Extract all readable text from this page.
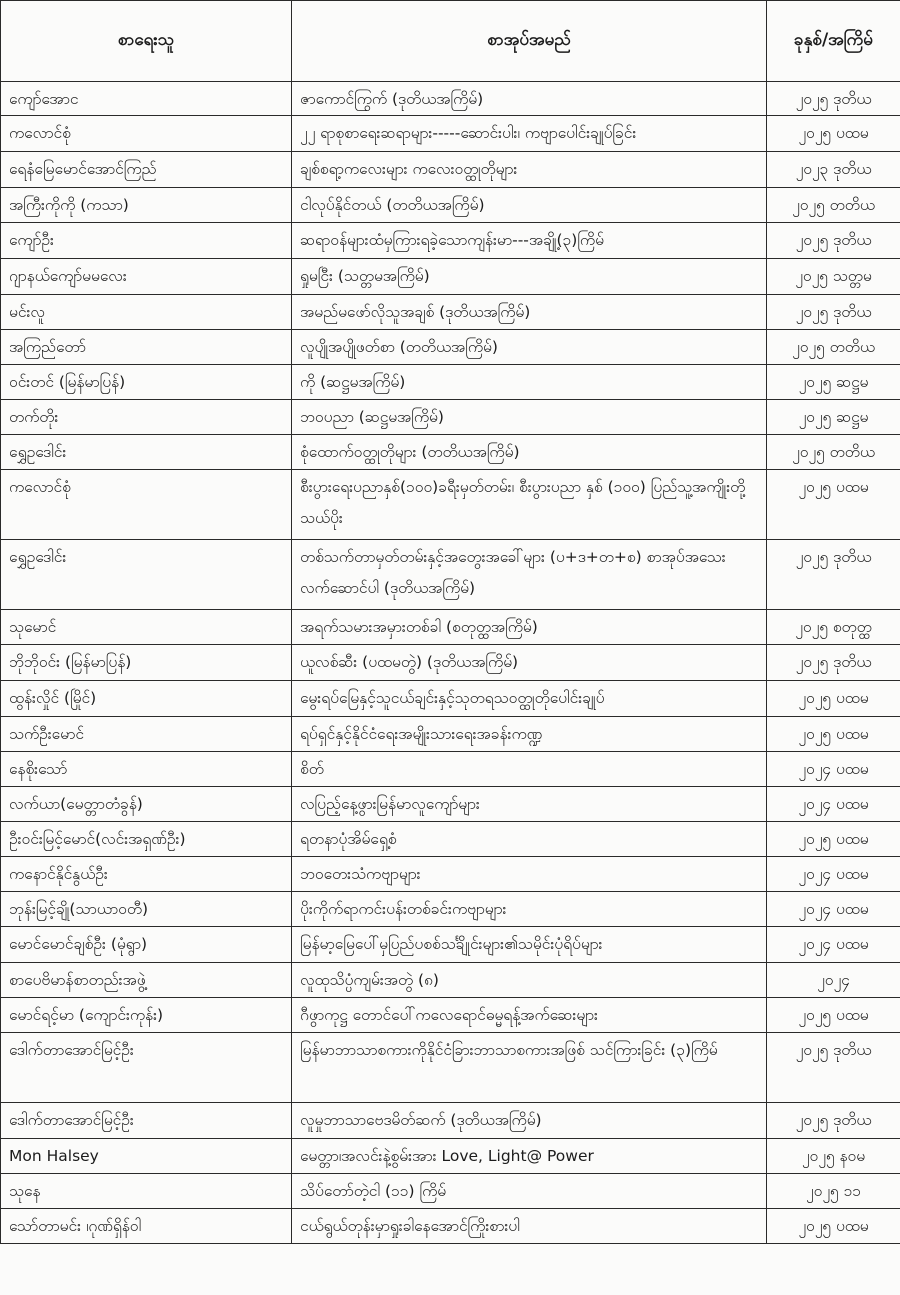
စာရေးသူ	စာအုပ်အမည်	ခုနှစ်/အကြိမ်
ကျော်အောင	ဇာကောင်ကြွက် (ဒုတိယအကြိမ်)	၂၀၂၅ ဒုတိယ
ကလောင်စုံ	၂၂ ရာစုစာရေးဆရာများ-----ဆောင်းပါး၊ ကဗျာပေါင်းချုပ်ခြင်း	၂၀၂၅ ပထမ
ရေနံမြေမောင်အောင်ကြည်	ချစ်စရာ့ကလေးများ ကလေးဝတ္ထုတိုများ	၂၀၂၃ ဒုတိယ
အကြီးကိုကို (ကသာ)	ငါလုပ်နိုင်တယ် (တတိယအကြိမ်)	၂၀၂၅ တတိယ
ကျော်ဦး	ဆရာဝန်များထံမှကြားရခဲ့သောကျန်းမာ---အချို့(၃)ကြိမ်	၂၀၂၅ ဒုတိယ
ဂျာနယ်ကျော်မမလေး	ရှုမငြီး (သတ္တမအကြိမ်)	၂၀၂၅ သတ္တမ
မင်းလူ	အမည်မဖော်လိုသူအချစ် (ဒုတိယအကြိမ်)	၂၀၂၅ ဒုတိယ
အကြည်တော်	လူပျိုအပျိုဖတ်စာ (တတိယအကြိမ်)	၂၀၂၅ တတိယ
ဝင်းတင် (မြန်မာပြန်)	ကို (ဆဋ္ဌမအကြိမ်)	၂၀၂၅ ဆဋ္ဌမ
တက်တိုး	ဘဝပညာ (ဆဋ္ဌမအကြိမ်)	၂၀၂၅ ဆဋ္ဌမ
ရွှေဥဒေါင်း	စုံထောက်ဝတ္ထုတိုများ (တတိယအကြိမ်)	၂၀၂၅ တတိယ
ကလောင်စုံ	စီးပွားရေးပညာနှစ်(၁၀၀)ခရီးမှတ်တမ်း၊ စီးပွားပညာ နှစ် (၁၀၀) ပြည်သူ့အကျိုးတို့သယ်ပိုး	၂၀၂၅ ပထမ
ရွှေဥဒေါင်း	တစ်သက်တာမှတ်တမ်းနှင့်အတွေးအခေါ်များ (ပ+ဒ+တ+စ) စာအုပ်အသေးလက်ဆောင်ပါ (ဒုတိယအကြိမ်)	၂၀၂၅ ဒုတိယ
သုမောင်	အရက်သမားအမှားတစ်ခါ (စတုတ္ထအကြိမ်)	၂၀၂၅ စတုတ္ထ
ဘိုဘိုဝင်း (မြန်မာပြန်)	ယူလစ်ဆီး (ပထမတွဲ) (ဒုတိယအကြိမ်)	၂၀၂၅ ဒုတိယ
ထွန်းလှိုင် (မြိုင်)	မွေးရပ်မြေနှင့်သူငယ်ချင်းနှင့်သုတရသဝတ္ထုတိုပေါင်းချုပ်	၂၀၂၅ ပထမ
သက်ဦးမောင်	ရပ်ရှင်နှင့်နိုင်ငံရေးအမျိုးသားရေးအခန်းကဏ္ဍ	၂၀၂၅ ပထမ
နေစိုးသော်	စိတ်	၂၀၂၄ ပထမ
လက်ယာ(မေတ္တာတံခွန်)	လပြည့်နေ့ဖွားမြန်မာလူကျော်များ	၂၀၂၄ ပထမ
ဦးဝင်းမြင့်မောင်(လင်းအရှဏ်ဦး)	ရတနာပုံအိမ်ရှေ့စံ	၂၀၂၅ ပထမ
ကနောင်နိုင်နွယ်ဦး	ဘဝတေးသံကဗျာများ	၂၀၂၄ ပထမ
ဘုန်းမြင့်ချို(သာယာဝတီ)	ပိုးကိုက်ရာကင်းပန်းတစ်ခင်းကဗျာများ	၂၀၂၄ ပထမ
မောင်မောင်ချစ်ဦး (မုံရွာ)	မြန်မာ့မြေပေါ်မှပြည်ပစစ်သင်္ချိုင်းများ၏သမိုင်းပုံရိပ်များ	၂၀၂၄ ပထမ
စာပေဗိမာန်စာတည်းအဖွဲ့	လူထုသိပ္ပံကျမ်းအတွဲ (၈)	၂၀၂၄
မောင်ရင့်မာ (ကျောင်းကုန်း)	ဂီဖွာကုဋ္ဌ တောင်ပေါ်ကလေရောင်ဓမ္မရန့်အက်ဆေးများ	၂၀၂၅ ပထမ
ဒေါက်တာအောင်မြင့်ဦး	မြန်မာဘာသာစကားကိုနိုင်ငံခြားဘာသာစကားအဖြစ် သင်ကြားခြင်း (၃)ကြိမ်	၂၀၂၅ ဒုတိယ
ဒေါက်တာအောင်မြင့်ဦး	လူမှုဘာသာဗေဒမိတ်ဆက် (ဒုတိယအကြိမ်)	၂၀၂၅ ဒုတိယ
Mon Halsey	မေတ္တာ၊အလင်းနဲ့စွမ်းအား Love, Light@ Power	၂၀၂၅ နဝမ
သုနေ	သိပ်တော်တဲ့ငါ (၁၁) ကြိမ်	၂၀၂၅ ၁၁
သော်တာမင်း ၊ဂုဏ်ရှိန်ဝါ	ငယ်ရွယ်တုန်းမှာရှုးခါနေအောင်ကြိုးစားပါ	၂၀၂၅ ပထမ
